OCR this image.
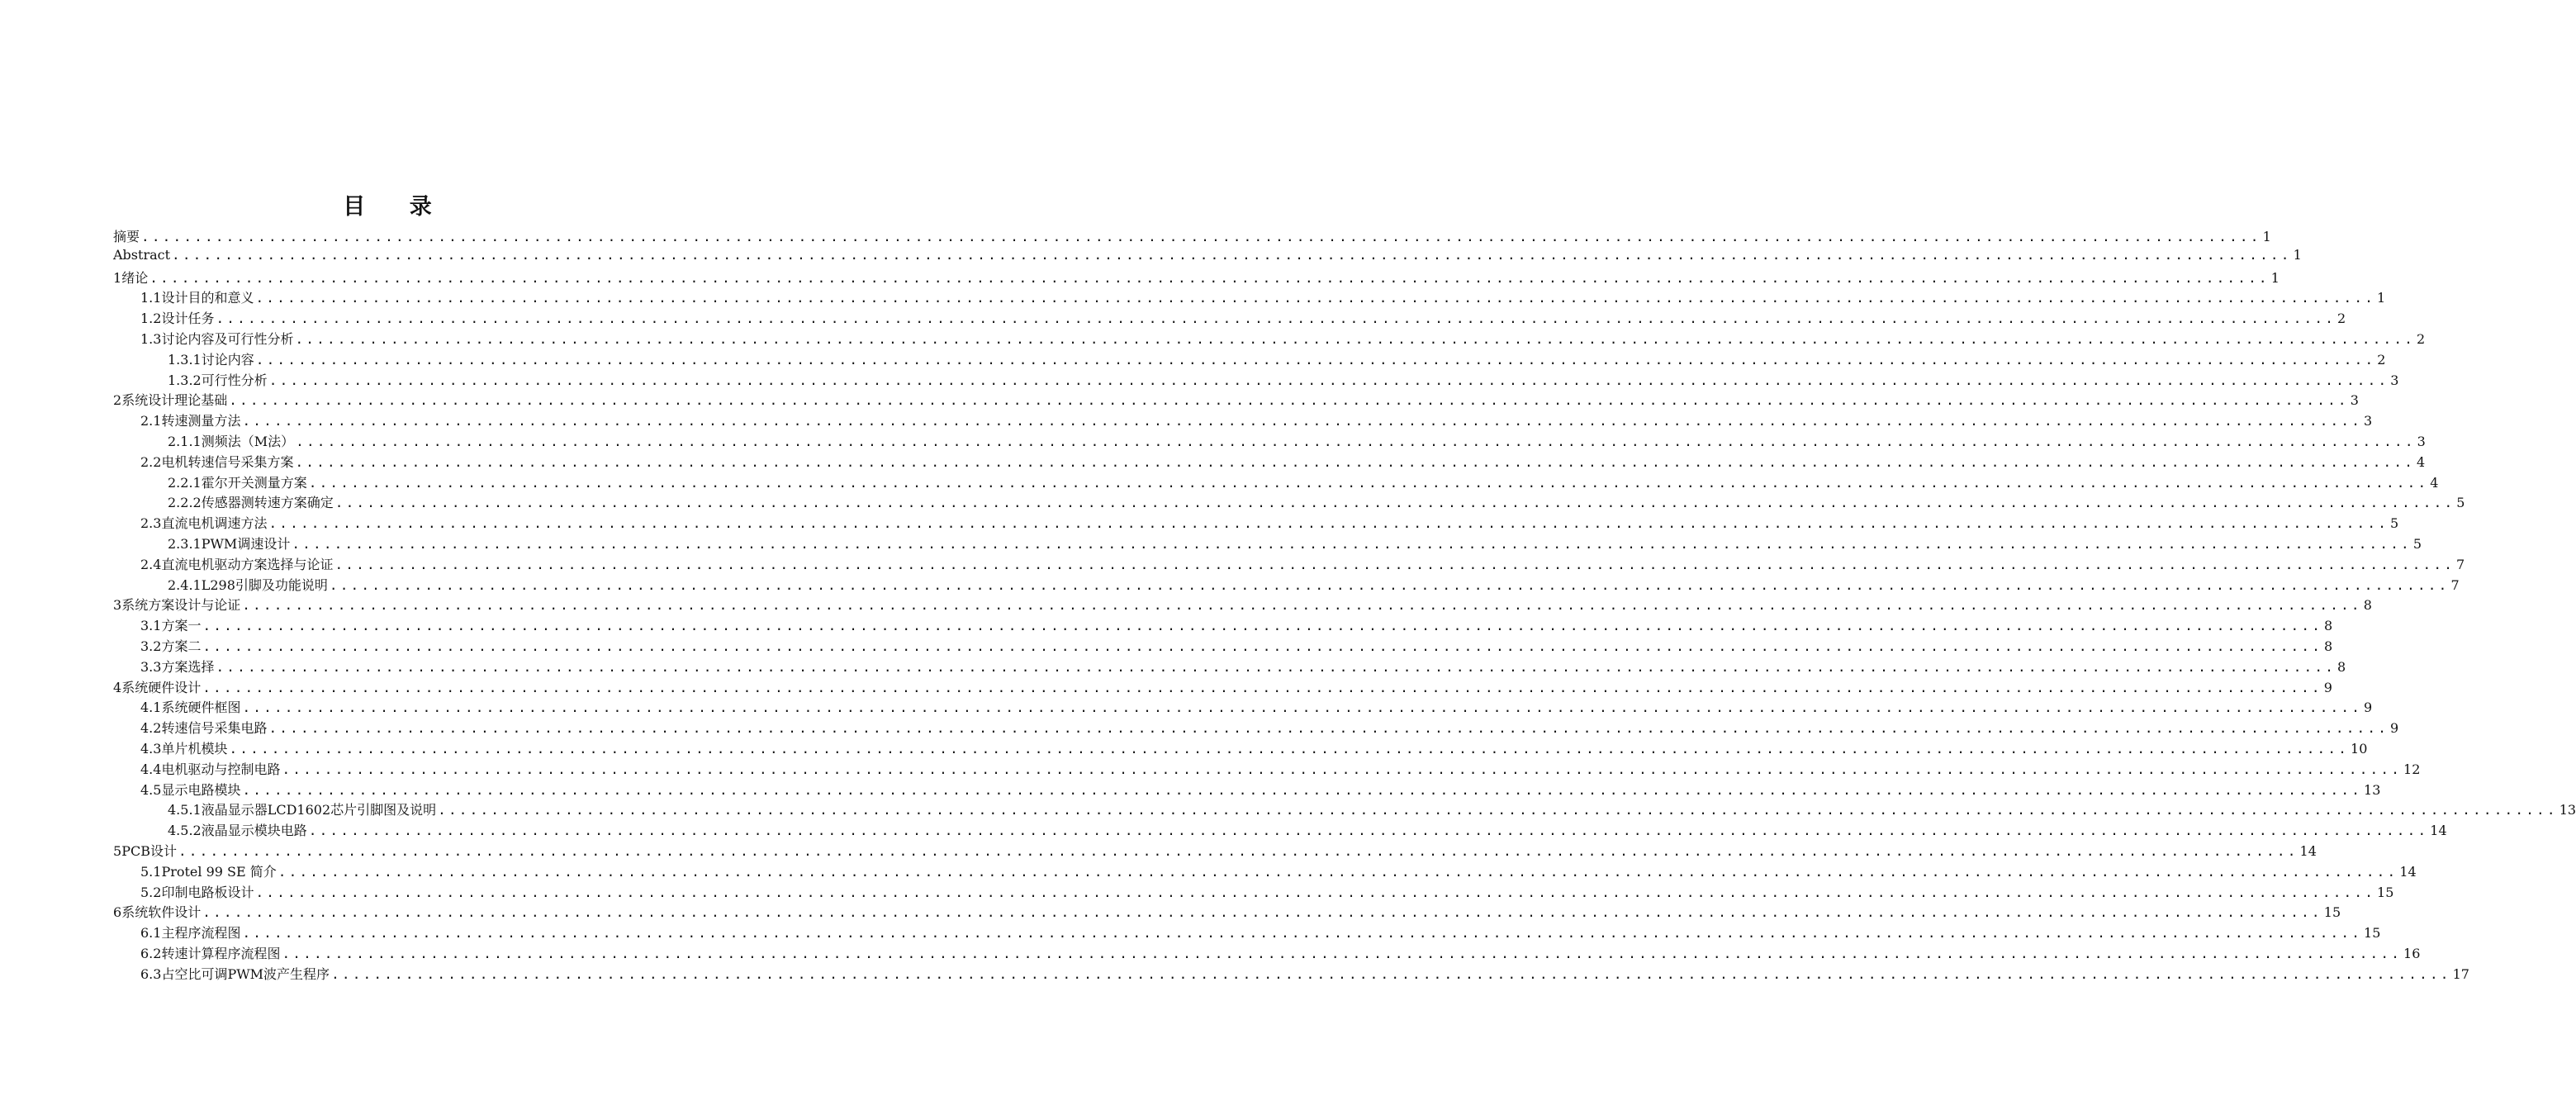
目 录
摘要 ........................................................................................................................................................................................................ 1
Abstract ........................................................................................................................................................................................................ 1
1 绪论 ........................................................................................................................................................................................................ 1
1.1 设计目的和意义 ........................................................................................................................................................................................................ 1
1.2 设计任务 ........................................................................................................................................................................................................ 2
1.3 讨论内容及可行性分析 ........................................................................................................................................................................................................ 2
1.3.1 讨论内容 ........................................................................................................................................................................................................ 2
1.3.2 可行性分析 ........................................................................................................................................................................................................ 3
2 系统设计理论基础 ........................................................................................................................................................................................................ 3
2.1 转速测量方法 ........................................................................................................................................................................................................ 3
2.1.1 测频法（M法） ........................................................................................................................................................................................................ 3
2.2 电机转速信号采集方案 ........................................................................................................................................................................................................ 4
2.2.1 霍尔开关测量方案 ........................................................................................................................................................................................................ 4
2.2.2 传感器测转速方案确定 ........................................................................................................................................................................................................ 5
2.3 直流电机调速方法 ........................................................................................................................................................................................................ 5
2.3.1 PWM调速设计 ........................................................................................................................................................................................................ 5
2.4 直流电机驱动方案选择与论证 ........................................................................................................................................................................................................ 7
2.4.1 L298引脚及功能说明 ........................................................................................................................................................................................................ 7
3 系统方案设计与论证 ........................................................................................................................................................................................................ 8
3.1 方案一 ........................................................................................................................................................................................................ 8
3.2 方案二 ........................................................................................................................................................................................................ 8
3.3 方案选择 ........................................................................................................................................................................................................ 8
4 系统硬件设计 ........................................................................................................................................................................................................ 9
4.1 系统硬件框图 ........................................................................................................................................................................................................ 9
4.2 转速信号采集电路 ........................................................................................................................................................................................................ 9
4.3 单片机模块 ........................................................................................................................................................................................................ 10
4.4 电机驱动与控制电路 ........................................................................................................................................................................................................ 12
4.5 显示电路模块 ........................................................................................................................................................................................................ 13
4.5.1 液晶显示器LCD1602芯片引脚图及说明 ........................................................................................................................................................................................................ 13
4.5.2 液晶显示模块电路 ........................................................................................................................................................................................................ 14
5 PCB设计 ........................................................................................................................................................................................................ 14
5.1 Protel 99 SE 简介 ........................................................................................................................................................................................................ 14
5.2 印制电路板设计 ........................................................................................................................................................................................................ 15
6 系统软件设计 ........................................................................................................................................................................................................ 15
6.1 主程序流程图 ........................................................................................................................................................................................................ 15
6.2 转速计算程序流程图 ........................................................................................................................................................................................................ 16
6.3 占空比可调PWM波产生程序 ........................................................................................................................................................................................................ 17
